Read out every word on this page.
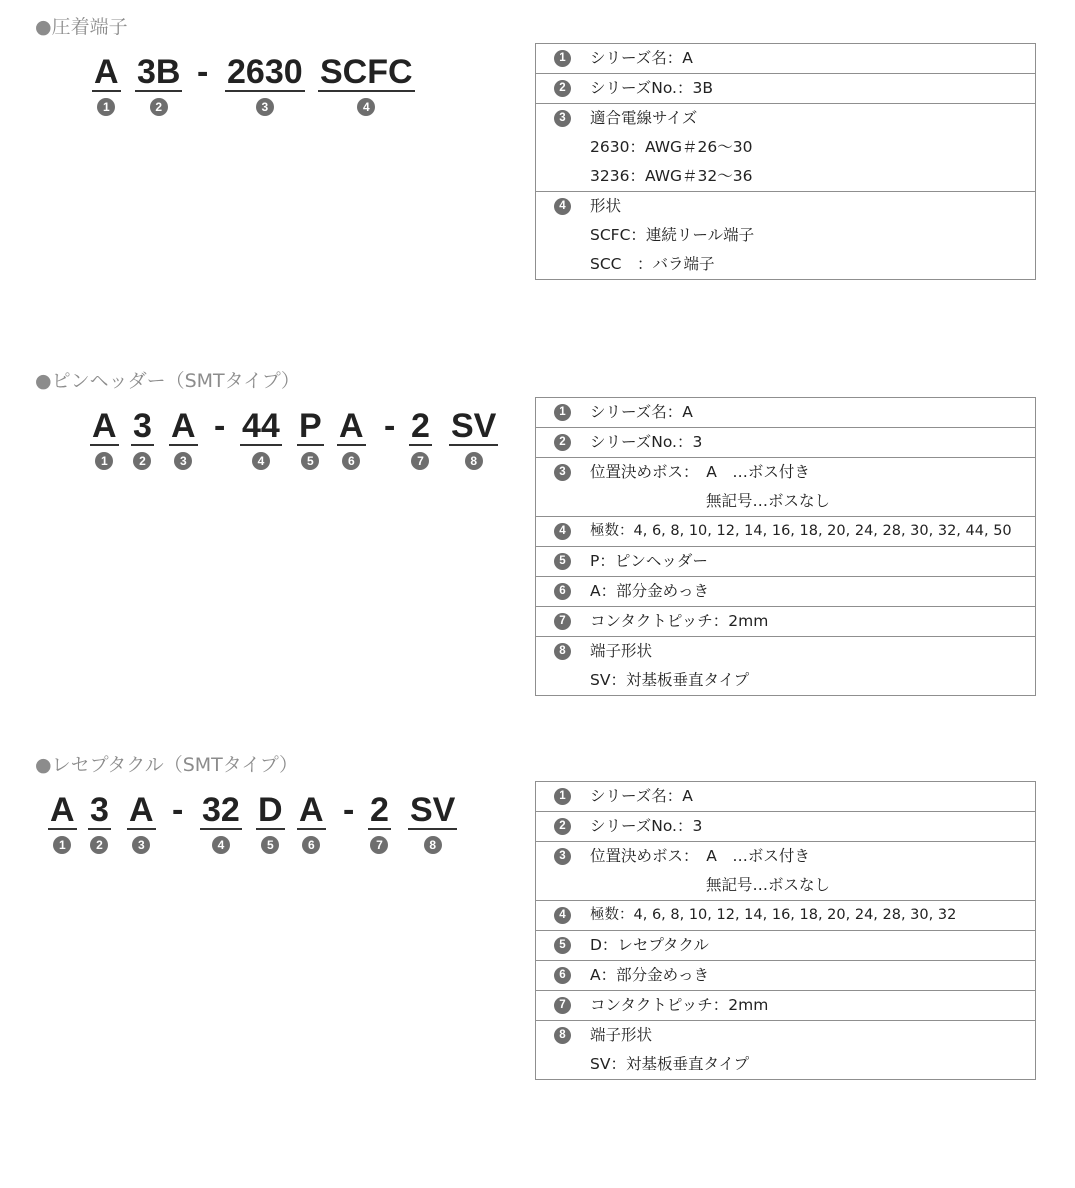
●圧着端子
A
1
3B
2
- 2630
3
SCFC
4
1	シリーズ名：A
2	シリーズNo.：3B
3	適合電線サイズ
2630：AWG＃26〜30
3236：AWG＃32〜36
4	形状
SCFC：連続リール端子
SCC　：バラ端子
●ピンヘッダー（SMTタイプ）
A
1
3
2
A
3
- 44
4
P
5
A
6
- 2
7
SV
8
1	シリーズ名：A
2	シリーズNo.：3
3	位置決めボス：　A　…ボス付き
無記号…ボスなし
4	極数：4, 6, 8, 10, 12, 14, 16, 18, 20, 24, 28, 30, 32, 44, 50
5	P：ピンヘッダー
6	A：部分金めっき
7	コンタクトピッチ：2mm
8	端子形状
SV：対基板垂直タイプ
●レセプタクル（SMTタイプ）
A
1
3
2
A
3
- 32
4
D
5
A
6
- 2
7
SV
8
1	シリーズ名：A
2	シリーズNo.：3
3	位置決めボス：　A　…ボス付き
無記号…ボスなし
4	極数：4, 6, 8, 10, 12, 14, 16, 18, 20, 24, 28, 30, 32
5	D：レセプタクル
6	A：部分金めっき
7	コンタクトピッチ：2mm
8	端子形状
SV：対基板垂直タイプ
